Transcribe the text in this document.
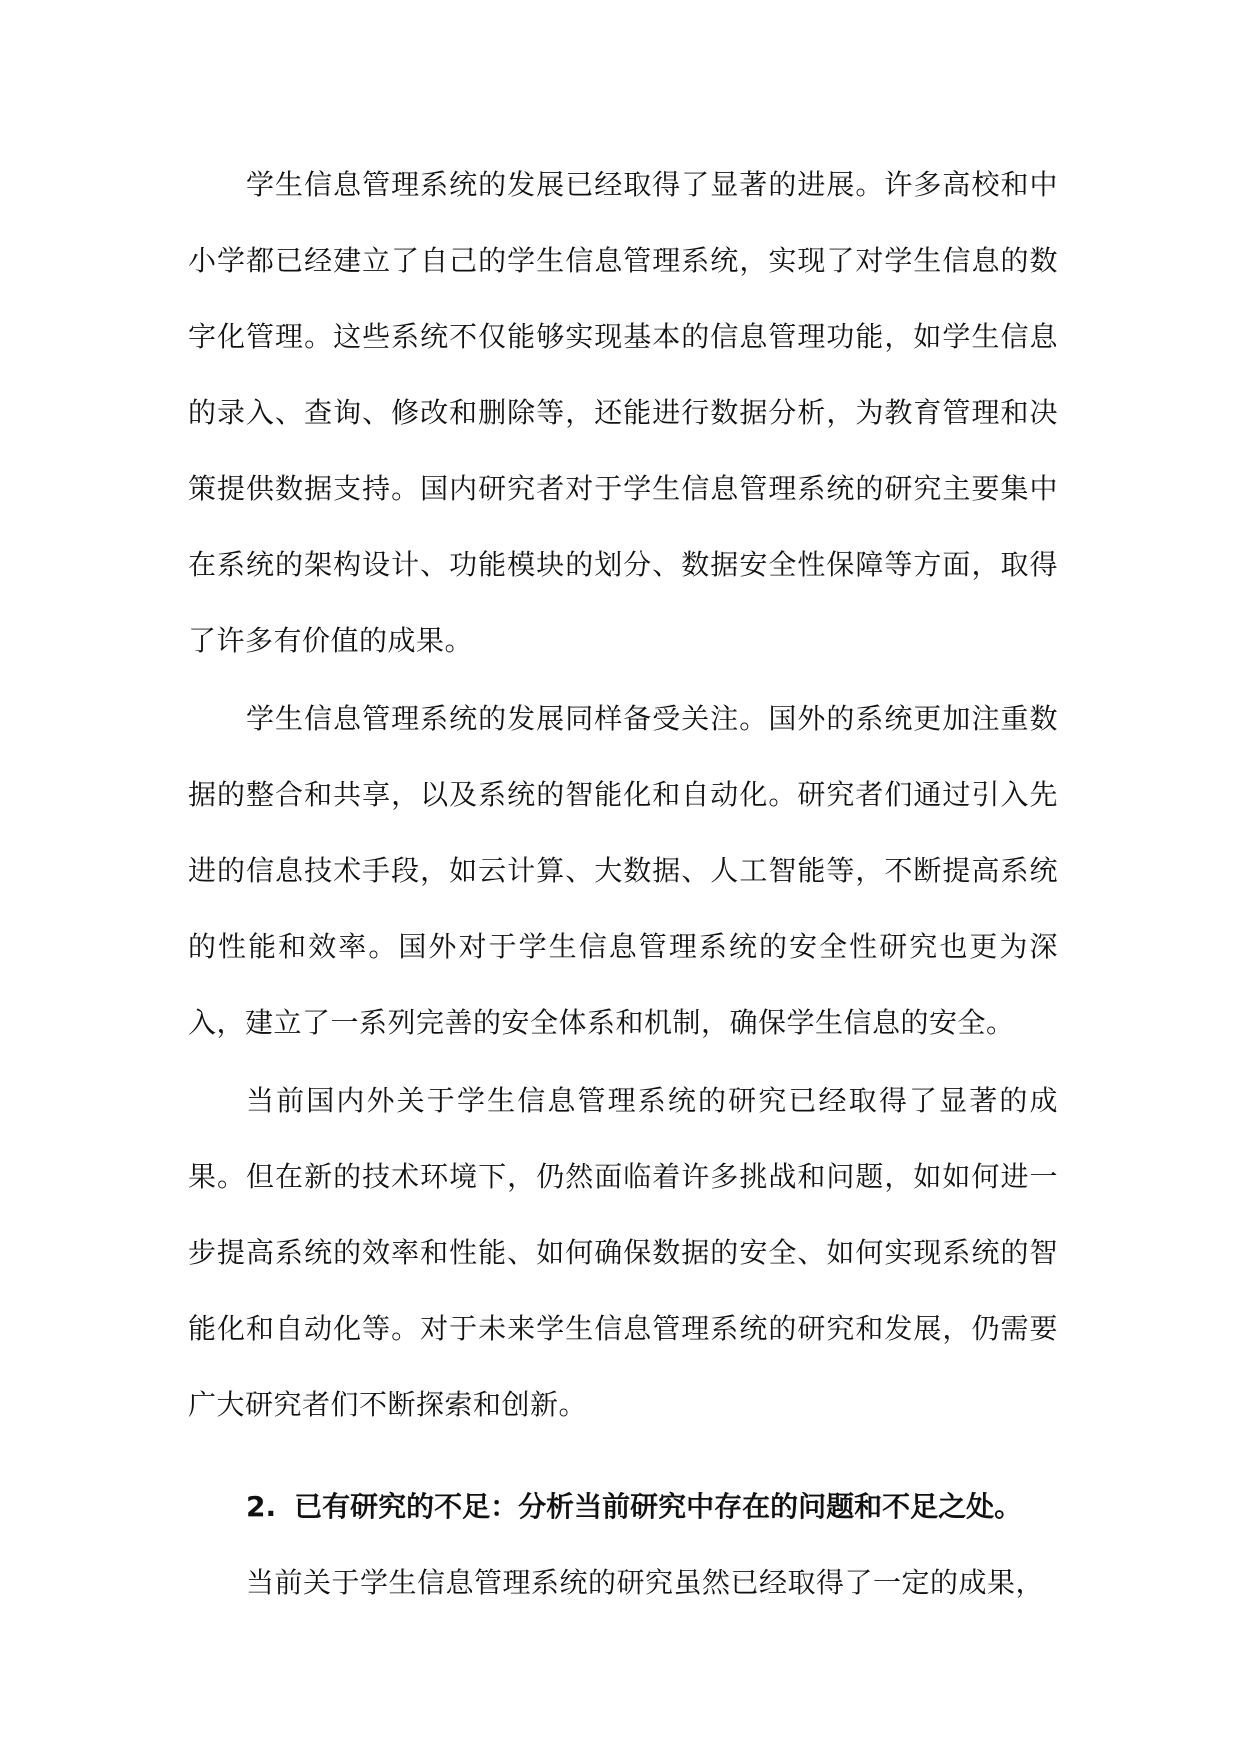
学生信息管理系统的发展已经取得了显著的进展。许多高校和中小学都已经建立了自己的学生信息管理系统，实现了对学生信息的数字化管理。这些系统不仅能够实现基本的信息管理功能，如学生信息的录入、查询、修改和删除等，还能进行数据分析，为教育管理和决策提供数据支持。国内研究者对于学生信息管理系统的研究主要集中在系统的架构设计、功能模块的划分、数据安全性保障等方面，取得了许多有价值的成果。

学生信息管理系统的发展同样备受关注。国外的系统更加注重数据的整合和共享，以及系统的智能化和自动化。研究者们通过引入先进的信息技术手段，如云计算、大数据、人工智能等，不断提高系统的性能和效率。国外对于学生信息管理系统的安全性研究也更为深入，建立了一系列完善的安全体系和机制，确保学生信息的安全。

当前国内外关于学生信息管理系统的研究已经取得了显著的成果。但在新的技术环境下，仍然面临着许多挑战和问题，如如何进一步提高系统的效率和性能、如何确保数据的安全、如何实现系统的智能化和自动化等。对于未来学生信息管理系统的研究和发展，仍需要广大研究者们不断探索和创新。

2. 已有研究的不足：分析当前研究中存在的问题和不足之处。

当前关于学生信息管理系统的研究虽然已经取得了一定的成果，
